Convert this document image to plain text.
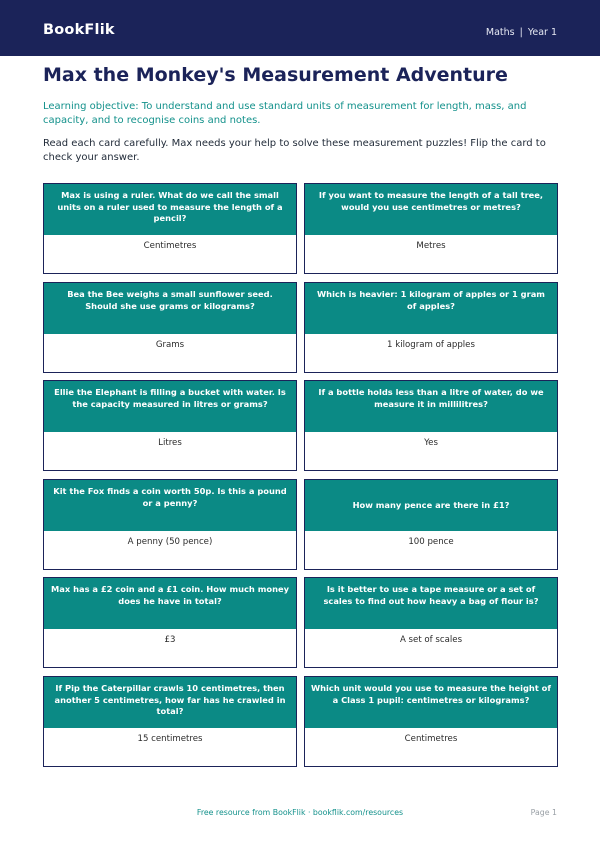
BookFlik	Maths | Year 1
Max the Monkey's Measurement Adventure

Learning objective: To understand and use standard units of measurement for length, mass, and capacity, and to recognise coins and notes.

Read each card carefully. Max needs your help to solve these measurement puzzles! Flip the card to check your answer.

Max is using a ruler. What do we call the small units on a ruler used to measure the length of a pencil?
Centimetres
If you want to measure the length of a tall tree, would you use centimetres or metres?
Metres
Bea the Bee weighs a small sunflower seed. Should she use grams or kilograms?
Grams
Which is heavier: 1 kilogram of apples or 1 gram of apples?
1 kilogram of apples
Ellie the Elephant is filling a bucket with water. Is the capacity measured in litres or grams?
Litres
If a bottle holds less than a litre of water, do we measure it in millilitres?
Yes
Kit the Fox finds a coin worth 50p. Is this a pound or a penny?
A penny (50 pence)
How many pence are there in £1?
100 pence
Max has a £2 coin and a £1 coin. How much money does he have in total?
£3
Is it better to use a tape measure or a set of scales to find out how heavy a bag of flour is?
A set of scales
If Pip the Caterpillar crawls 10 centimetres, then another 5 centimetres, how far has he crawled in total?
15 centimetres
Which unit would you use to measure the height of a Class 1 pupil: centimetres or kilograms?
Centimetres
Free resource from BookFlik · bookflik.com/resources	Page 1
